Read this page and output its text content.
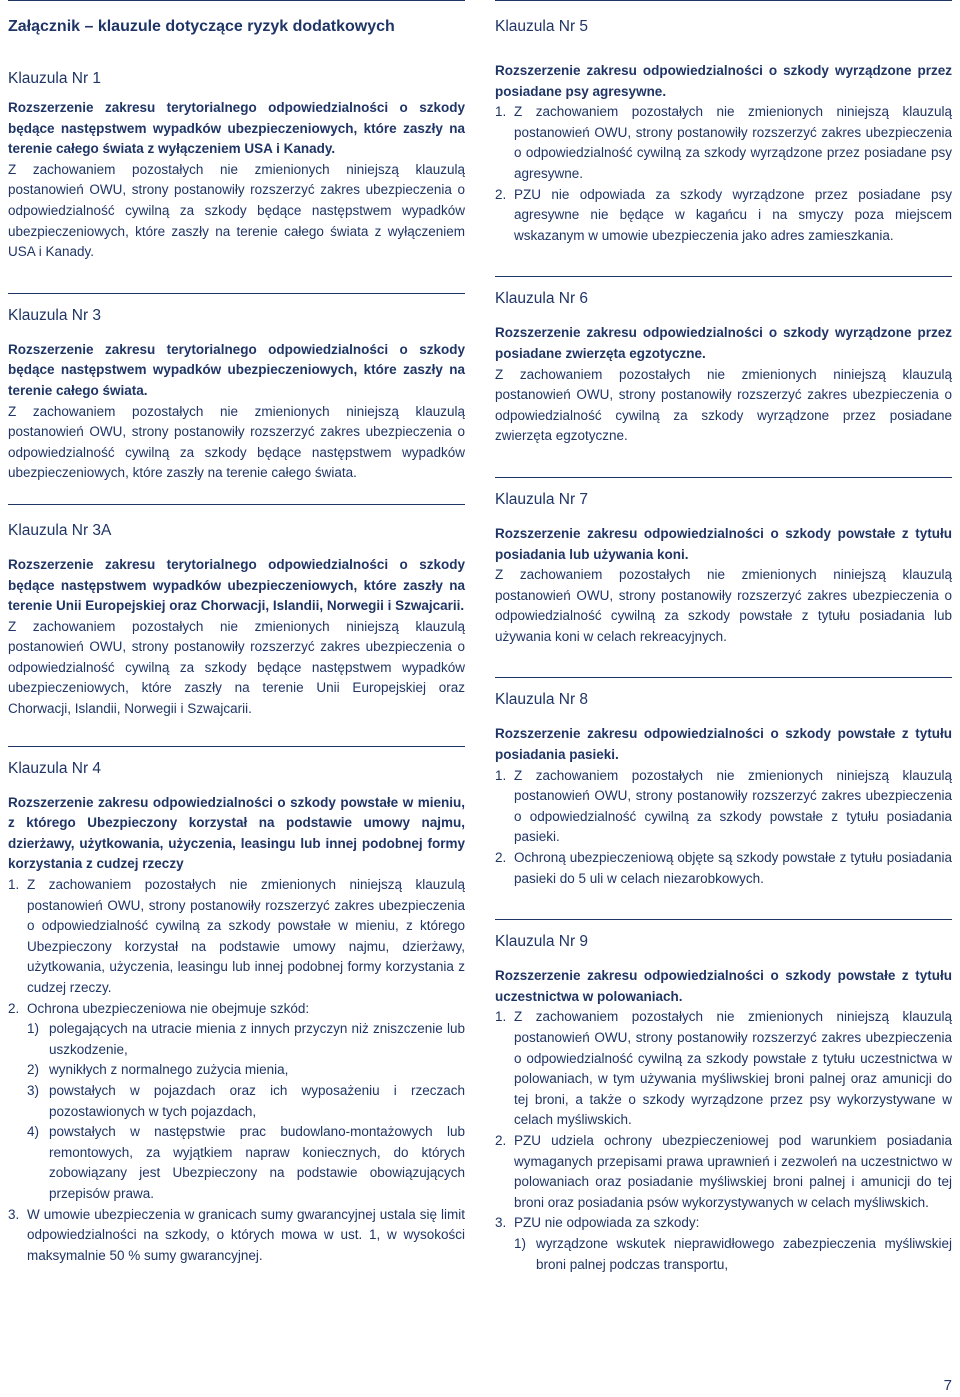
Załącznik – klauzule dotyczące ryzyk dodatkowych
Klauzula Nr 1
Rozszerzenie zakresu terytorialnego odpowiedzialności o szkody będące następstwem wypadków ubezpieczeniowych, które zaszły na terenie całego świata z wyłączeniem USA i Kanady.
Z zachowaniem pozostałych nie zmienionych niniejszą klauzulą postanowień OWU, strony postanowiły rozszerzyć zakres ubezpieczenia o odpowiedzialność cywilną za szkody będące następstwem wypadków ubezpieczeniowych, które zaszły na terenie całego świata z wyłączeniem USA i Kanady.
Klauzula Nr 3
Rozszerzenie zakresu terytorialnego odpowiedzialności o szkody będące następstwem wypadków ubezpieczeniowych, które zaszły na terenie całego świata.
Z zachowaniem pozostałych nie zmienionych niniejszą klauzulą postanowień OWU, strony postanowiły rozszerzyć zakres ubezpieczenia o odpowiedzialność cywilną za szkody będące następstwem wypadków ubezpieczeniowych, które zaszły na terenie całego świata.
Klauzula Nr 3A
Rozszerzenie zakresu terytorialnego odpowiedzialności o szkody będące następstwem wypadków ubezpieczeniowych, które zaszły na terenie Unii Europejskiej oraz Chorwacji, Islandii, Norwegii i Szwajcarii.
Z zachowaniem pozostałych nie zmienionych niniejszą klauzulą postanowień OWU, strony postanowiły rozszerzyć zakres ubezpieczenia o odpowiedzialność cywilną za szkody będące następstwem wypadków ubezpieczeniowych, które zaszły na terenie Unii Europejskiej oraz Chorwacji, Islandii, Norwegii i Szwajcarii.
Klauzula Nr 4
Rozszerzenie zakresu odpowiedzialności o szkody powstałe w mieniu, z którego Ubezpieczony korzystał na podstawie umowy najmu, dzierżawy, użytkowania, użyczenia, leasingu lub innej podobnej formy korzystania z cudzej rzeczy
1. Z zachowaniem pozostałych nie zmienionych niniejszą klauzulą postanowień OWU, strony postanowiły rozszerzyć zakres ubezpieczenia o odpowiedzialność cywilną za szkody powstałe w mieniu, z którego Ubezpieczony korzystał na podstawie umowy najmu, dzierżawy, użytkowania, użyczenia, leasingu lub innej podobnej formy korzystania z cudzej rzeczy.
2. Ochrona ubezpieczeniowa nie obejmuje szkód:
1) polegających na utracie mienia z innych przyczyn niż zniszczenie lub uszkodzenie,
2) wynikłych z normalnego zużycia mienia,
3) powstałych w pojazdach oraz ich wyposażeniu i rzeczach pozostawionych w tych pojazdach,
4) powstałych w następstwie prac budowlano-montażowych lub remontowych, za wyjątkiem napraw koniecznych, do których zobowiązany jest Ubezpieczony na podstawie obowiązujących przepisów prawa.
3. W umowie ubezpieczenia w granicach sumy gwarancyjnej ustala się limit odpowiedzialności na szkody, o których mowa w ust. 1, w wysokości maksymalnie 50 % sumy gwarancyjnej.
Klauzula Nr 5
Rozszerzenie zakresu odpowiedzialności o szkody wyrządzone przez posiadane psy agresywne.
1. Z zachowaniem pozostałych nie zmienionych niniejszą klauzulą postanowień OWU, strony postanowiły rozszerzyć zakres ubezpieczenia o odpowiedzialność cywilną za szkody wyrządzone przez posiadane psy agresywne.
2. PZU nie odpowiada za szkody wyrządzone przez posiadane psy agresywne nie będące w kagańcu i na smyczy poza miejscem wskazanym w umowie ubezpieczenia jako adres zamieszkania.
Klauzula Nr 6
Rozszerzenie zakresu odpowiedzialności o szkody wyrządzone przez posiadane zwierzęta egzotyczne.
Z zachowaniem pozostałych nie zmienionych niniejszą klauzulą postanowień OWU, strony postanowiły rozszerzyć zakres ubezpieczenia o odpowiedzialność cywilną za szkody wyrządzone przez posiadane zwierzęta egzotyczne.
Klauzula Nr 7
Rozszerzenie zakresu odpowiedzialności o szkody powstałe z tytułu posiadania lub używania koni.
Z zachowaniem pozostałych nie zmienionych niniejszą klauzulą postanowień OWU, strony postanowiły rozszerzyć zakres ubezpieczenia o odpowiedzialność cywilną za szkody powstałe z tytułu posiadania lub używania koni w celach rekreacyjnych.
Klauzula Nr 8
Rozszerzenie zakresu odpowiedzialności o szkody powstałe z tytułu posiadania pasieki.
1. Z zachowaniem pozostałych nie zmienionych niniejszą klauzulą postanowień OWU, strony postanowiły rozszerzyć zakres ubezpieczenia o odpowiedzialność cywilną za szkody powstałe z tytułu posiadania pasieki.
2. Ochroną ubezpieczeniową objęte są szkody powstałe z tytułu posiadania pasieki do 5 uli w celach niezarobkowych.
Klauzula Nr 9
Rozszerzenie zakresu odpowiedzialności o szkody powstałe z tytułu uczestnictwa w polowaniach.
1. Z zachowaniem pozostałych nie zmienionych niniejszą klauzulą postanowień OWU, strony postanowiły rozszerzyć zakres ubezpieczenia o odpowiedzialność cywilną za szkody powstałe z tytułu uczestnictwa w polowaniach, w tym używania myśliwskiej broni palnej oraz amunicji do tej broni, a także o szkody wyrządzone przez psy wykorzystywane w celach myśliwskich.
2. PZU udziela ochrony ubezpieczeniowej pod warunkiem posiadania wymaganych przepisami prawa uprawnień i zezwoleń na uczestnictwo w polowaniach oraz posiadanie myśliwskiej broni palnej i amunicji do tej broni oraz posiadania psów wykorzystywanych w celach myśliwskich.
3. PZU nie odpowiada za szkody:
1) wyrządzone wskutek nieprawidłowego zabezpieczenia myśliwskiej broni palnej podczas transportu,
7
